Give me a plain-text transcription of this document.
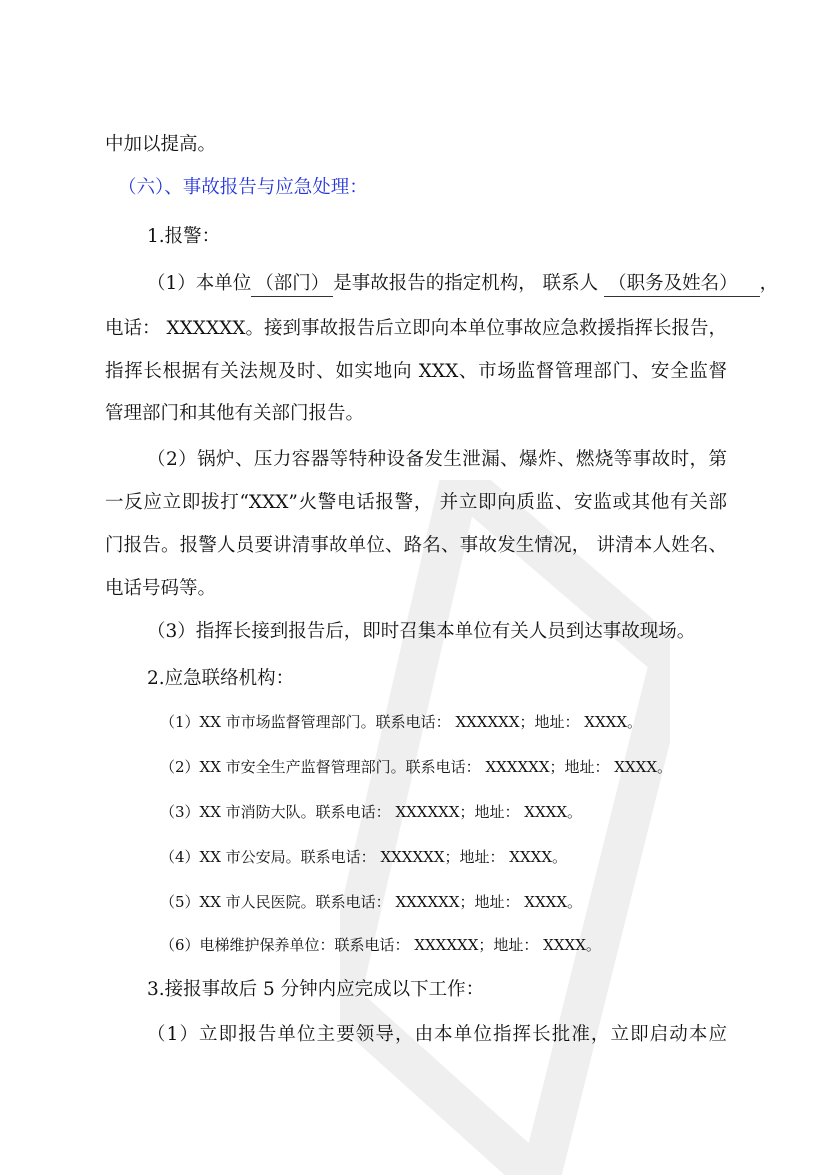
中加以提高。
（六）、事故报告与应急处理：
1.报警：
（1）本单位 （部门） 是事故报告的指定机构， 联系人 （职务及姓名） ，
电话： XXXXXX。接到事故报告后立即向本单位事故应急救援指挥长报告，
指挥长根据有关法规及时、如实地向 XXX、市场监督管理部门、安全监督
管理部门和其他有关部门报告。
（2）锅炉、压力容器等特种设备发生泄漏、爆炸、燃烧等事故时，第
一反应立即拔打“XXX”火警电话报警， 并立即向质监、安监或其他有关部
门报告。报警人员要讲清事故单位、路名、事故发生情况， 讲清本人姓名、
电话号码等。
（3）指挥长接到报告后，即时召集本单位有关人员到达事故现场。
2.应急联络机构：
（1）XX 市市场监督管理部门。联系电话： XXXXXX；地址： XXXX。
（2）XX 市安全生产监督管理部门。联系电话： XXXXXX；地址： XXXX。
（3）XX 市消防大队。联系电话： XXXXXX；地址： XXXX。
（4）XX 市公安局。联系电话： XXXXXX；地址： XXXX。
（5）XX 市人民医院。联系电话： XXXXXX；地址： XXXX。
（6）电梯维护保养单位：联系电话： XXXXXX；地址： XXXX。
3.接报事故后 5 分钟内应完成以下工作：
（1）立即报告单位主要领导，由本单位指挥长批准，立即启动本应
